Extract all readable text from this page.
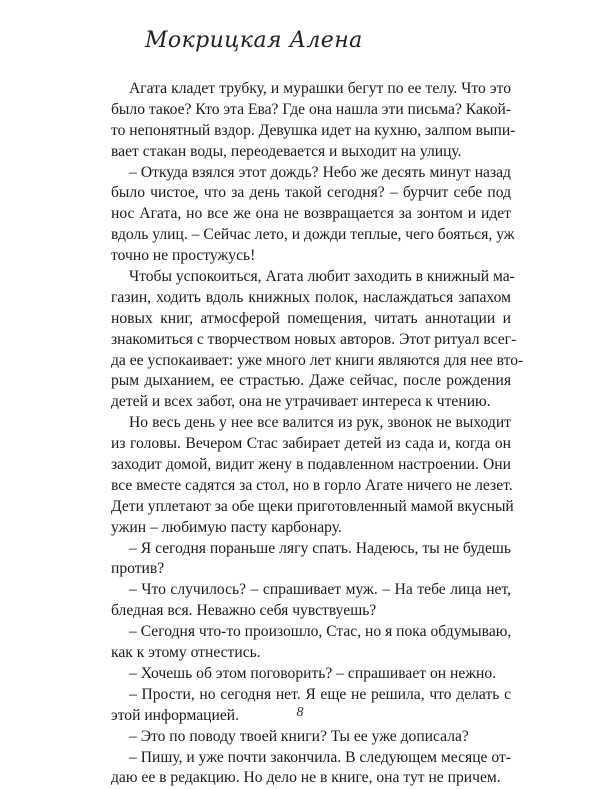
Мокрицкая Алена
Агата кладет трубку, и мурашки бегут по ее телу. Что это
было такое? Кто эта Ева? Где она нашла эти письма? Какой-
то непонятный вздор. Девушка идет на кухню, залпом выпи-
вает стакан воды, переодевается и выходит на улицу.
– Откуда взялся этот дождь? Небо же десять минут назад
было чистое, что за день такой сегодня? – бурчит себе под
нос Агата, но все же она не возвращается за зонтом и идет
вдоль улиц. – Сейчас лето, и дожди теплые, чего бояться, уж
точно не простужусь!
Чтобы успокоиться, Агата любит заходить в книжный ма-
газин, ходить вдоль книжных полок, наслаждаться запахом
новых книг, атмосферой помещения, читать аннотации и
знакомиться с творчеством новых авторов. Этот ритуал всег-
да ее успокаивает: уже много лет книги являются для нее вто-
рым дыханием, ее страстью. Даже сейчас, после рождения
детей и всех забот, она не утрачивает интереса к чтению.
Но весь день у нее все валится из рук, звонок не выходит
из головы. Вечером Стас забирает детей из сада и, когда он
заходит домой, видит жену в подавленном настроении. Они
все вместе садятся за стол, но в горло Агате ничего не лезет.
Дети уплетают за обе щеки приготовленный мамой вкусный
ужин – любимую пасту карбонару.
– Я сегодня пораньше лягу спать. Надеюсь, ты не будешь
против?
– Что случилось? – спрашивает муж. – На тебе лица нет,
бледная вся. Неважно себя чувствуешь?
– Сегодня что-то произошло, Стас, но я пока обдумываю,
как к этому отнестись.
– Хочешь об этом поговорить? – спрашивает он нежно.
– Прости, но сегодня нет. Я еще не решила, что делать с
этой информацией.
– Это по поводу твоей книги? Ты ее уже дописала?
– Пишу, и уже почти закончила. В следующем месяце от-
даю ее в редакцию. Но дело не в книге, она тут не причем.
8
